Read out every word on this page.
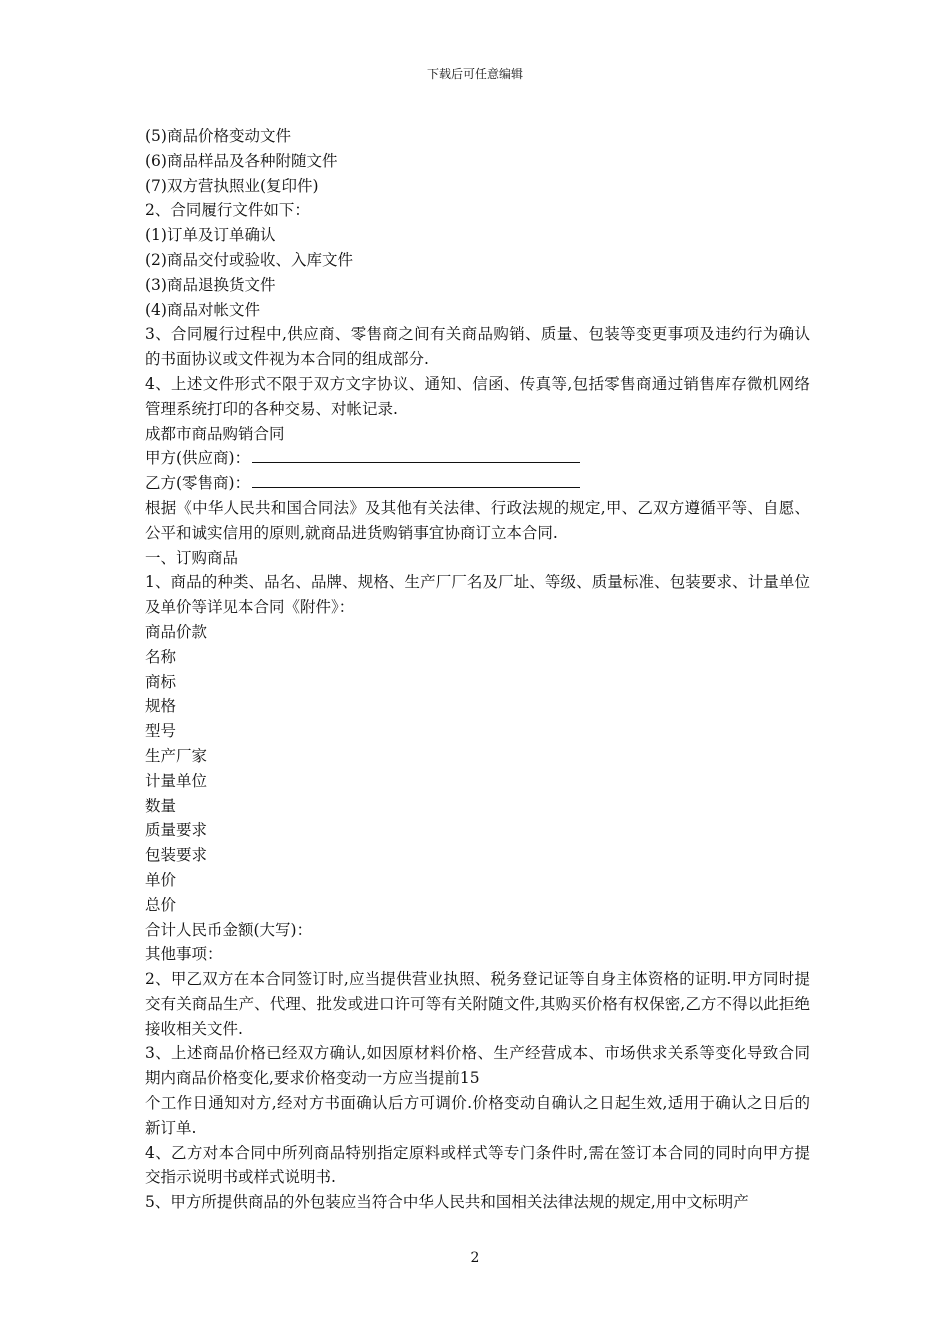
下载后可任意编辑
(5)商品价格变动文件
(6)商品样品及各种附随文件
(7)双方营执照业(复印件)
2、合同履行文件如下：
(1)订单及订单确认
(2)商品交付或验收、入库文件
(3)商品退换货文件
(4)商品对帐文件
3、合同履行过程中,供应商、零售商之间有关商品购销、质量、包装等变更事项及违约行为确认的书面协议或文件视为本合同的组成部分.
4、上述文件形式不限于双方文字协议、通知、信函、传真等,包括零售商通过销售库存微机网络管理系统打印的各种交易、对帐记录.
成都市商品购销合同
甲方(供应商)：
乙方(零售商)：
根据《中华人民共和国合同法》及其他有关法律、行政法规的规定,甲、乙双方遵循平等、自愿、公平和诚实信用的原则,就商品进货购销事宜协商订立本合同.
一、订购商品
1、商品的种类、品名、品牌、规格、生产厂厂名及厂址、等级、质量标准、包装要求、计量单位及单价等详见本合同《附件》：
商品价款
名称
商标
规格
型号
生产厂家
计量单位
数量
质量要求
包装要求
单价
总价
合计人民币金额(大写)：
其他事项：
2、甲乙双方在本合同签订时,应当提供营业执照、税务登记证等自身主体资格的证明.甲方同时提交有关商品生产、代理、批发或进口许可等有关附随文件,其购买价格有权保密,乙方不得以此拒绝接收相关文件.
3、上述商品价格已经双方确认,如因原材料价格、生产经营成本、市场供求关系等变化导致合同期内商品价格变化,要求价格变动一方应当提前15
个工作日通知对方,经对方书面确认后方可调价.价格变动自确认之日起生效,适用于确认之日后的新订单.
4、乙方对本合同中所列商品特别指定原料或样式等专门条件时,需在签订本合同的同时向甲方提交指示说明书或样式说明书.
5、甲方所提供商品的外包装应当符合中华人民共和国相关法律法规的规定,用中文标明产
2
